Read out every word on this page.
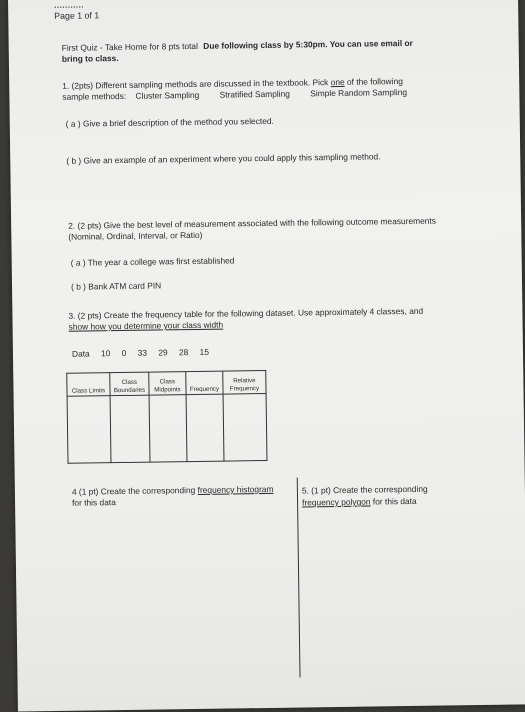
...........
Page 1 of 1
First Quiz - Take Home for 8 pts total Due following class by 5:30pm. You can use email or
bring to class.
1. (2pts) Different sampling methods are discussed in the textbook. Pick one of the following
sample methods: Cluster Sampling Stratified Sampling Simple Random Sampling
( a ) Give a brief description of the method you selected.
( b ) Give an example of an experiment where you could apply this sampling method.
2. (2 pts) Give the best level of measurement associated with the following outcome measurements
(Nominal, Ordinal, Interval, or Ratio)
( a ) The year a college was first established
( b ) Bank ATM card PIN
3. (2 pts) Create the frequency table for the following dataset. Use approximately 4 classes, and
show how you determine your class width
Data 10 0 33 29 28 15
Class Limits	Class Boundaries	Class Midpoints	Frequency	Relative Frequency

4 (1 pt) Create the corresponding frequency histogram
for this data
5. (1 pt) Create the corresponding
frequency polygon for this data
